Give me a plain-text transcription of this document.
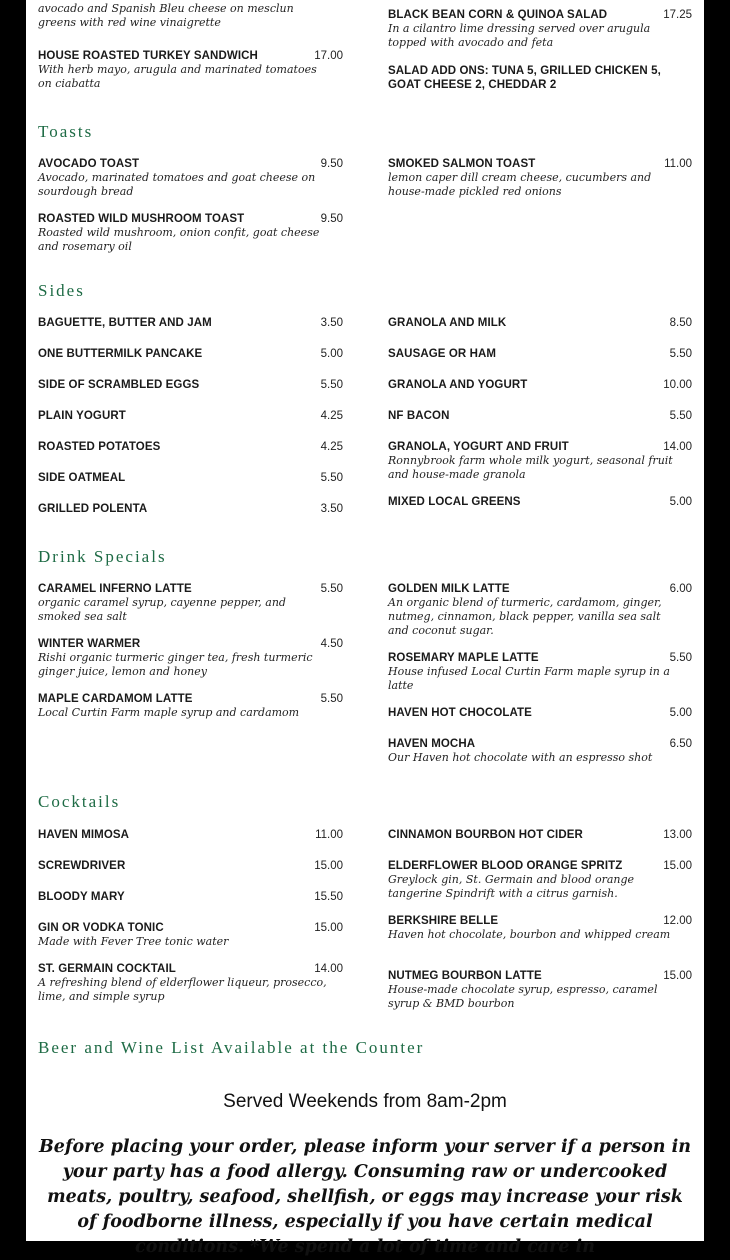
avocado and Spanish Bleu cheese on mesclun greens with red wine vinaigrette
HOUSE ROASTED TURKEY SANDWICH	17.00
With herb mayo, arugula and marinated tomatoes on ciabatta
BLACK BEAN CORN & QUINOA SALAD	17.25
In a cilantro lime dressing served over arugula topped with avocado and feta
SALAD ADD ONS: TUNA 5, GRILLED CHICKEN 5, GOAT CHEESE 2, CHEDDAR 2
Toasts
AVOCADO TOAST	9.50
Avocado, marinated tomatoes and goat cheese on sourdough bread
ROASTED WILD MUSHROOM TOAST	9.50
Roasted wild mushroom, onion confit, goat cheese and rosemary oil
SMOKED SALMON TOAST	11.00
lemon caper dill cream cheese, cucumbers and house-made pickled red onions
Sides
BAGUETTE, BUTTER AND JAM	3.50
ONE BUTTERMILK PANCAKE	5.00
SIDE OF SCRAMBLED EGGS	5.50
PLAIN YOGURT	4.25
ROASTED POTATOES	4.25
SIDE OATMEAL	5.50
GRILLED POLENTA	3.50
GRANOLA AND MILK	8.50
SAUSAGE OR HAM	5.50
GRANOLA AND YOGURT	10.00
NF BACON	5.50
GRANOLA, YOGURT AND FRUIT	14.00
Ronnybrook farm whole milk yogurt, seasonal fruit and house-made granola
MIXED LOCAL GREENS	5.00
Drink Specials
CARAMEL INFERNO LATTE	5.50
organic caramel syrup, cayenne pepper, and smoked sea salt
WINTER WARMER	4.50
Rishi organic turmeric ginger tea, fresh turmeric ginger juice, lemon and honey
MAPLE CARDAMOM LATTE	5.50
Local Curtin Farm maple syrup and cardamom
GOLDEN MILK LATTE	6.00
An organic blend of turmeric, cardamom, ginger, nutmeg, cinnamon, black pepper, vanilla sea salt and coconut sugar.
ROSEMARY MAPLE LATTE	5.50
House infused Local Curtin Farm maple syrup in a latte
HAVEN HOT CHOCOLATE	5.00
HAVEN MOCHA	6.50
Our Haven hot chocolate with an espresso shot
Cocktails
HAVEN MIMOSA	11.00
SCREWDRIVER	15.00
BLOODY MARY	15.50
GIN OR VODKA TONIC	15.00
Made with Fever Tree tonic water
ST. GERMAIN COCKTAIL	14.00
A refreshing blend of elderflower liqueur, prosecco, lime, and simple syrup
CINNAMON BOURBON HOT CIDER	13.00
ELDERFLOWER BLOOD ORANGE SPRITZ	15.00
Greylock gin, St. Germain and blood orange tangerine Spindrift with a citrus garnish.
BERKSHIRE BELLE	12.00
Haven hot chocolate, bourbon and whipped cream
NUTMEG BOURBON LATTE	15.00
House-made chocolate syrup, espresso, caramel syrup & BMD bourbon
Beer and Wine List Available at the Counter
Served Weekends from 8am-2pm
Before placing your order, please inform your server if a person in your party has a food allergy. Consuming raw or undercooked meats, poultry, seafood, shellfish, or eggs may increase your risk of foodborne illness, especially if you have certain medical conditions. *We spend a lot of time and care in
